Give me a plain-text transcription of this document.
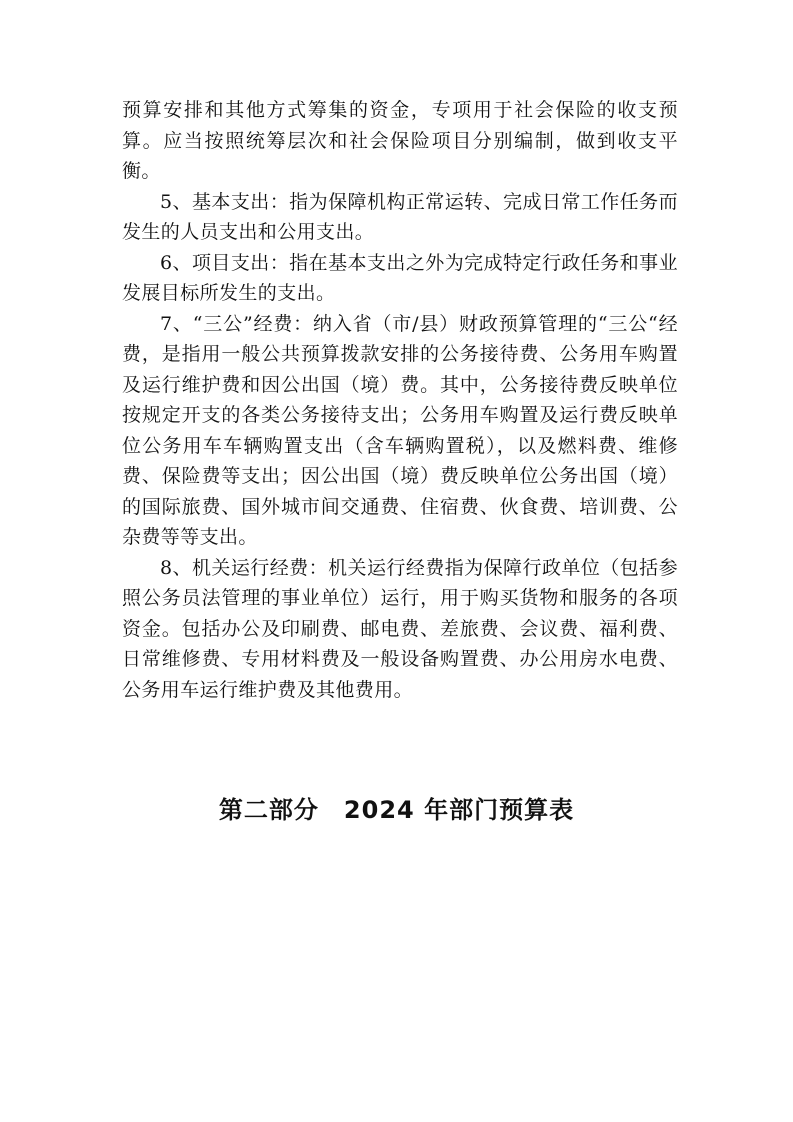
预算安排和其他方式筹集的资金，专项用于社会保险的收支预算。应当按照统筹层次和社会保险项目分别编制，做到收支平衡。

5、基本支出：指为保障机构正常运转、完成日常工作任务而发生的人员支出和公用支出。

6、项目支出：指在基本支出之外为完成特定行政任务和事业发展目标所发生的支出。

7、“三公”经费：纳入省（市/县）财政预算管理的“三公“经费，是指用一般公共预算拨款安排的公务接待费、公务用车购置及运行维护费和因公出国（境）费。其中，公务接待费反映单位按规定开支的各类公务接待支出；公务用车购置及运行费反映单位公务用车车辆购置支出（含车辆购置税），以及燃料费、维修费、保险费等支出；因公出国（境）费反映单位公务出国（境）的国际旅费、国外城市间交通费、住宿费、伙食费、培训费、公杂费等等支出。

8、机关运行经费：机关运行经费指为保障行政单位（包括参照公务员法管理的事业单位）运行，用于购买货物和服务的各项资金。包括办公及印刷费、邮电费、差旅费、会议费、福利费、日常维修费、专用材料费及一般设备购置费、办公用房水电费、公务用车运行维护费及其他费用。

第二部分　2024 年部门预算表
